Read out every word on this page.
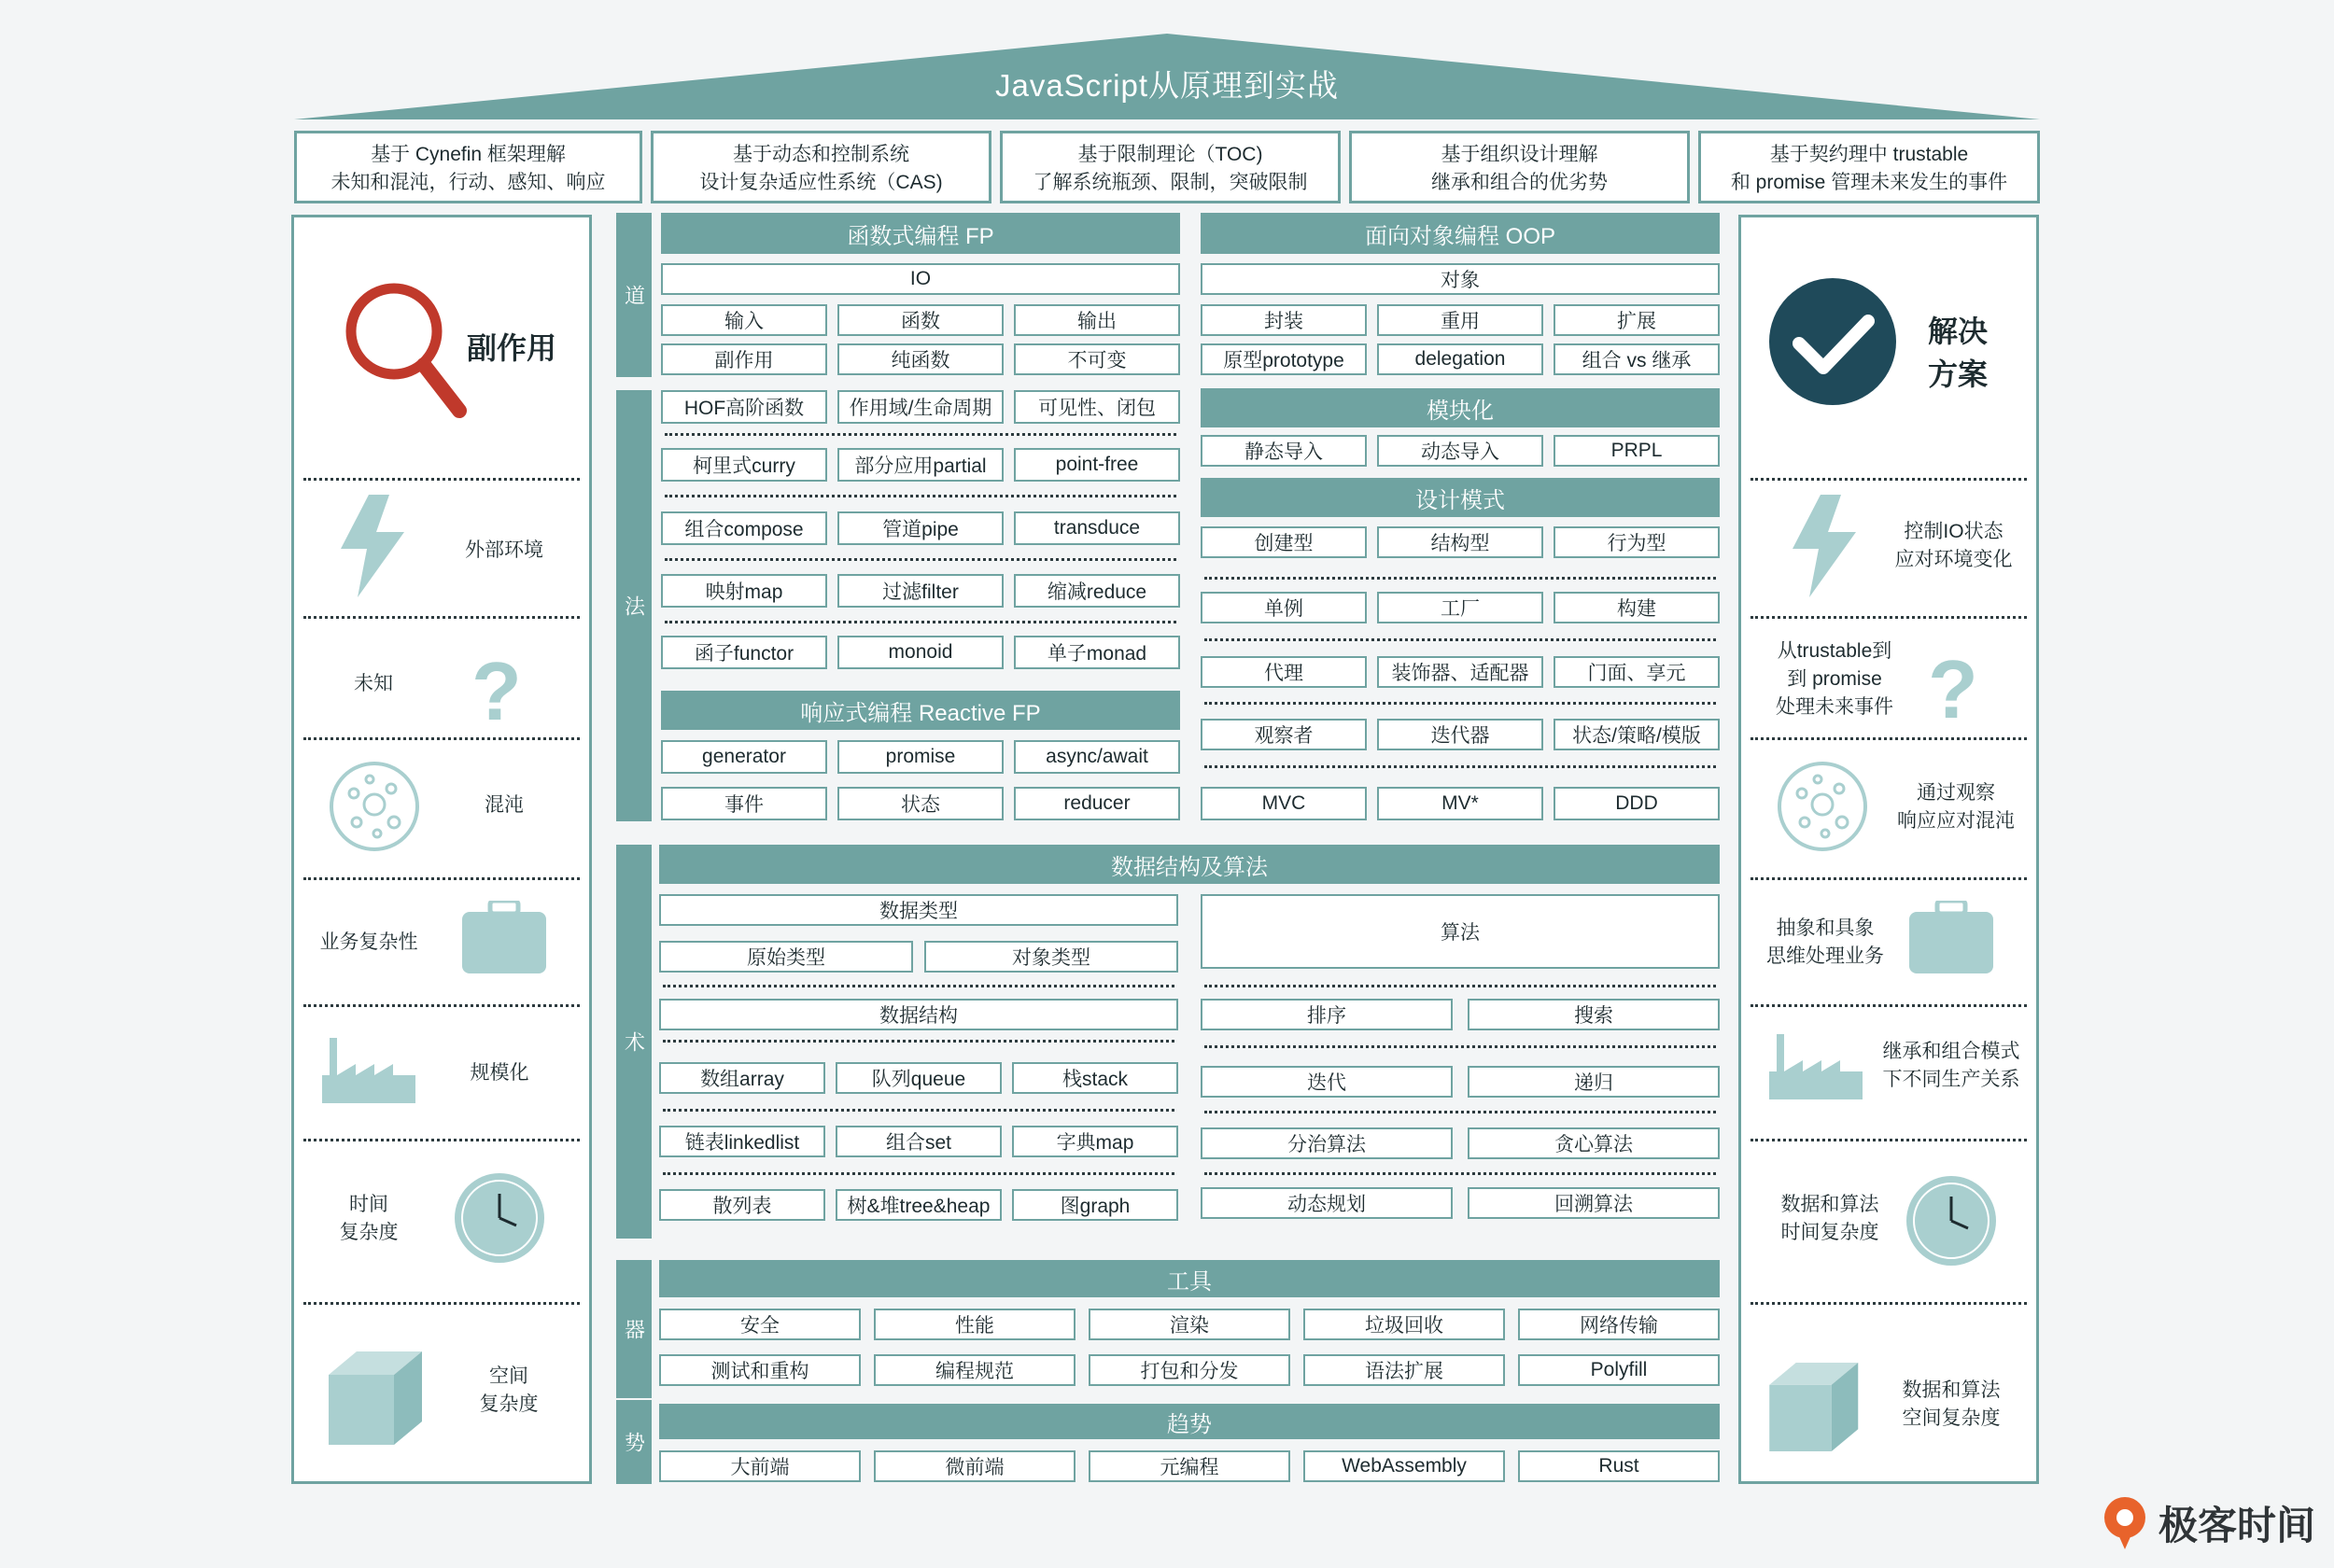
JavaScript从原理到实战
基于 Cynefin 框架理解
未知和混沌，行动、感知、响应
基于动态和控制系统
设计复杂适应性系统（CAS)
基于限制理论（TOC)
了解系统瓶颈、限制，突破限制
基于组织设计理解
继承和组合的优劣势
基于契约理中 trustable
和 promise 管理未来发生的事件
副作用
外部环境
未知 ?
混沌
业务复杂性
规模化
时间
复杂度
空间
复杂度
解决
方案
控制IO状态
应对环境变化
从trustable到
到 promise
处理未来事件 ?
通过观察
响应应对混沌
抽象和具象
思维处理业务
继承和组合模式
下不同生产关系
数据和算法
时间复杂度
数据和算法
空间复杂度
道
法
术
器
势
函数式编程 FP
IO
输入	函数	输出
副作用	纯函数	不可变
HOF高阶函数	作用域/生命周期	可见性、闭包
柯里式curry	部分应用partial	point-free
组合compose	管道pipe	transduce
映射map	过滤filter	缩减reduce
函子functor	monoid	单子monad
响应式编程 Reactive FP
generator	promise	async/await
事件	状态	reducer
面向对象编程 OOP
对象
封装	重用	扩展
原型prototype	delegation	组合 vs 继承
模块化
静态导入	动态导入	PRPL
设计模式
创建型	结构型	行为型
单例	工厂	构建
代理	装饰器、适配器	门面、享元
观察者	迭代器	状态/策略/模版
MVC	MV*	DDD
数据结构及算法
数据类型
原始类型	对象类型
数据结构
数组array	队列queue	栈stack
链表linkedlist	组合set	字典map
散列表	树&堆tree&heap	图graph
算法
排序	搜索
迭代	递归
分治算法	贪心算法
动态规划	回溯算法
工具
安全	性能	渲染	垃圾回收	网络传输
测试和重构	编程规范	打包和分发	语法扩展	Polyfill
趋势
大前端	微前端	元编程	WebAssembly	Rust
极客时间
